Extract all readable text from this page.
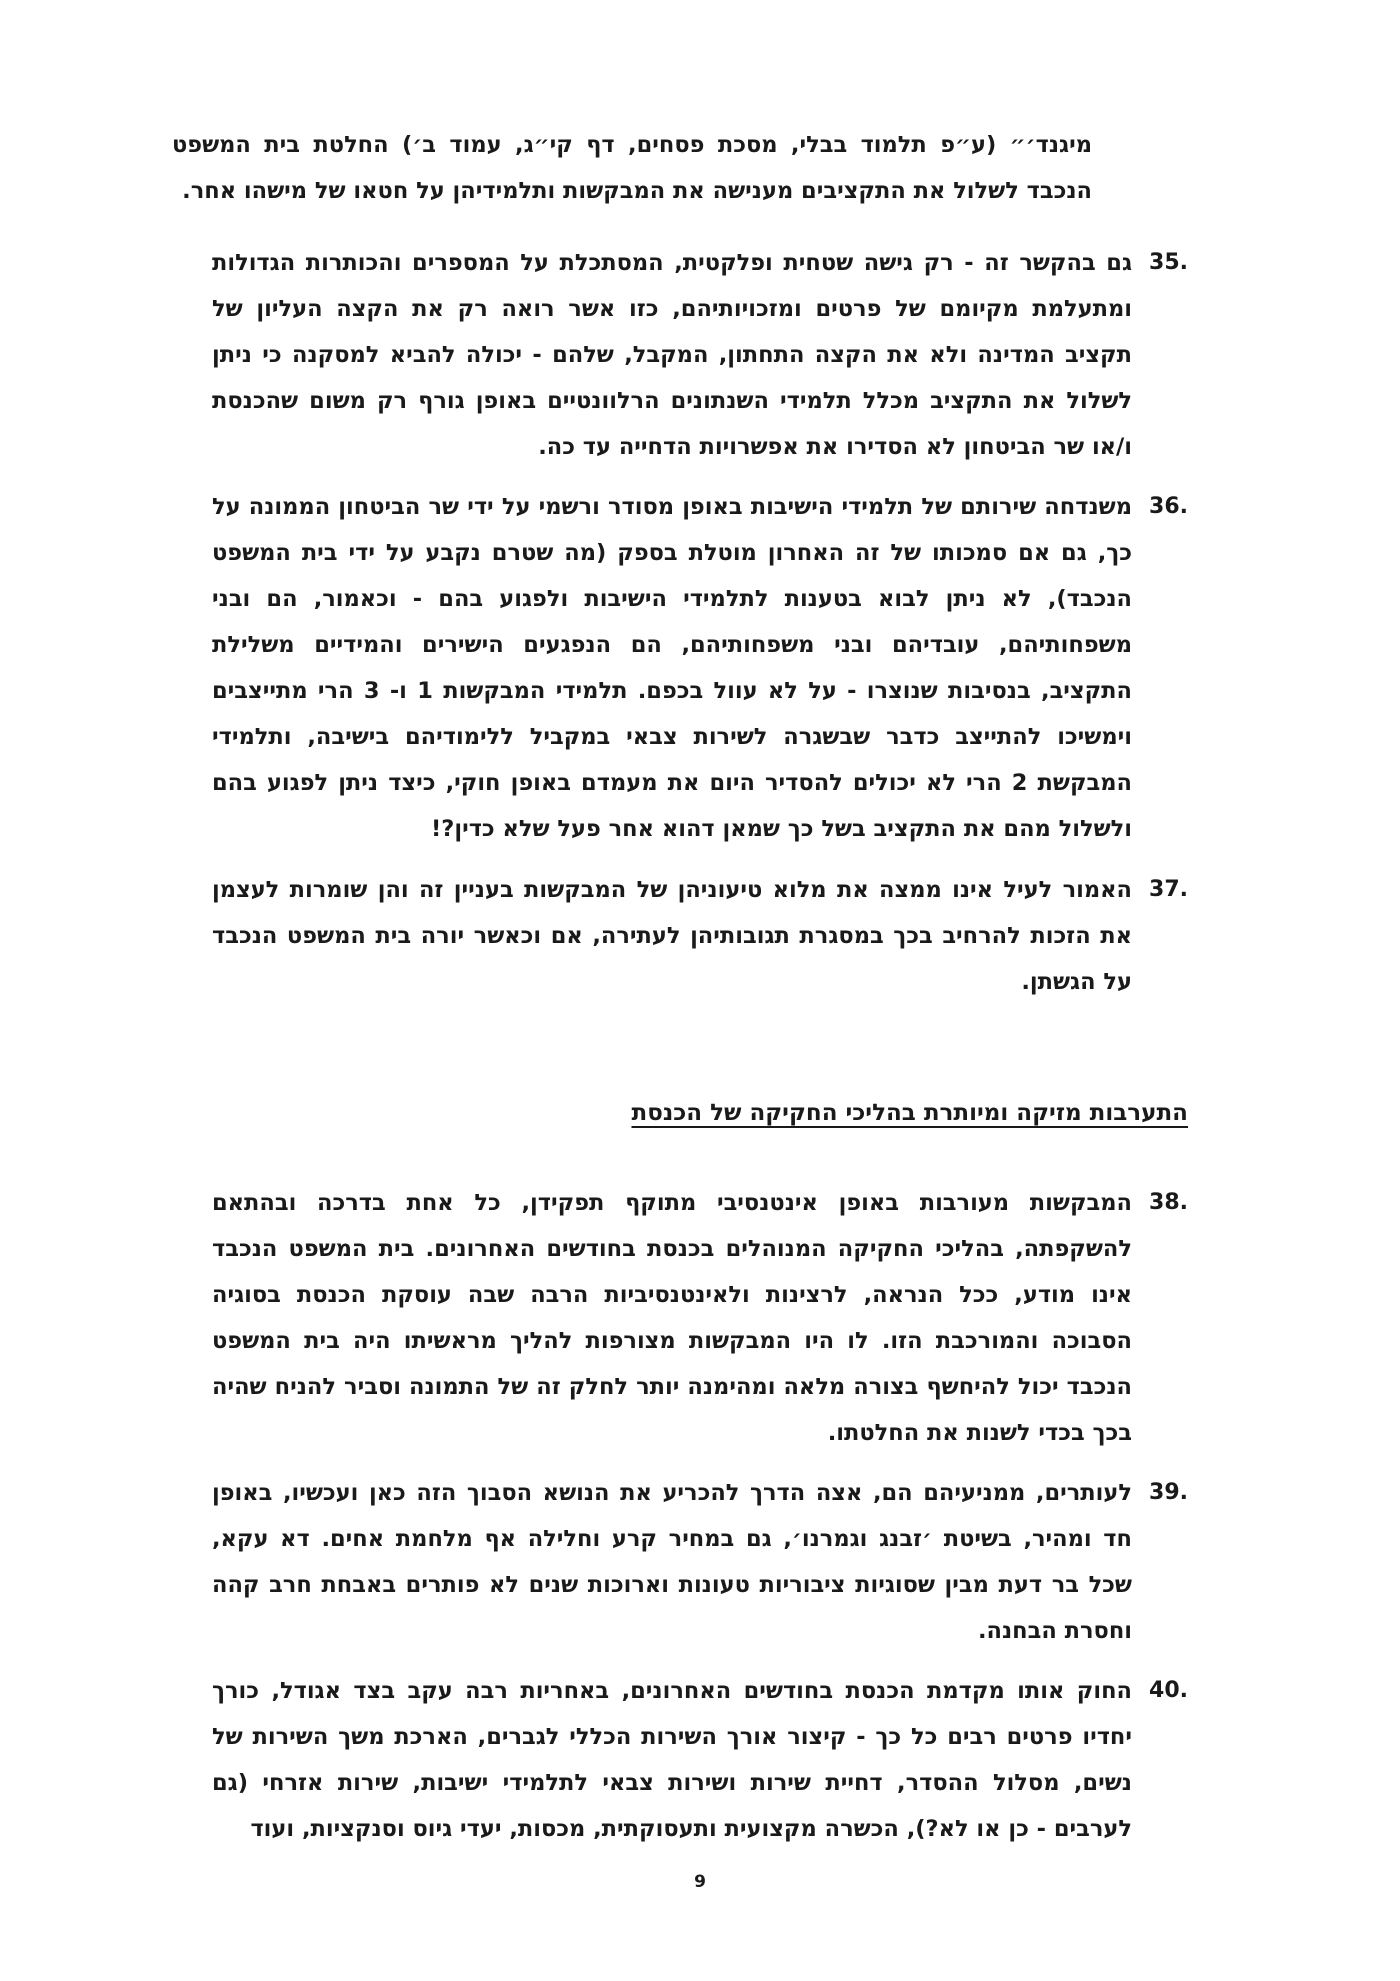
מיגנד׳״ (ע״פ תלמוד בבלי, מסכת פסחים, דף קי״ג, עמוד ב׳) החלטת בית המשפט הנכבד לשלול את התקציבים מענישה את המבקשות ותלמידיהן על חטאו של מישהו אחר.
35.
גם בהקשר זה - רק גישה שטחית ופלקטית, המסתכלת על המספרים והכותרות הגדולות ומתעלמת מקיומם של פרטים ומזכויותיהם, כזו אשר רואה רק את הקצה העליון של תקציב המדינה ולא את הקצה התחתון, המקבל, שלהם - יכולה להביא למסקנה כי ניתן לשלול את התקציב מכלל תלמידי השנתונים הרלוונטיים באופן גורף רק משום שהכנסת ו/או שר הביטחון לא הסדירו את אפשרויות הדחייה עד כה.
36.
משנדחה שירותם של תלמידי הישיבות באופן מסודר ורשמי על ידי שר הביטחון הממונה על כך, גם אם סמכותו של זה האחרון מוטלת בספק (מה שטרם נקבע על ידי בית המשפט הנכבד), לא ניתן לבוא בטענות לתלמידי הישיבות ולפגוע בהם - וכאמור, הם ובני משפחותיהם, עובדיהם ובני משפחותיהם, הם הנפגעים הישירים והמידיים משלילת התקציב, בנסיבות שנוצרו - על לא עוול בכפם. תלמידי המבקשות 1 ו- 3 הרי מתייצבים וימשיכו להתייצב כדבר שבשגרה לשירות צבאי במקביל ללימודיהם בישיבה, ותלמידי המבקשת 2 הרי לא יכולים להסדיר היום את מעמדם באופן חוקי, כיצד ניתן לפגוע בהם ולשלול מהם את התקציב בשל כך שמאן דהוא אחר פעל שלא כדין?!
37.
האמור לעיל אינו ממצה את מלוא טיעוניהן של המבקשות בעניין זה והן שומרות לעצמן את הזכות להרחיב בכך במסגרת תגובותיהן לעתירה, אם וכאשר יורה בית המשפט הנכבד על הגשתן.
התערבות מזיקה ומיותרת בהליכי החקיקה של הכנסת
38.
המבקשות מעורבות באופן אינטנסיבי מתוקף תפקידן, כל אחת בדרכה ובהתאם להשקפתה, בהליכי החקיקה המנוהלים בכנסת בחודשים האחרונים. בית המשפט הנכבד אינו מודע, ככל הנראה, לרצינות ולאינטנסיביות הרבה שבה עוסקת הכנסת בסוגיה הסבוכה והמורכבת הזו. לו היו המבקשות מצורפות להליך מראשיתו היה בית המשפט הנכבד יכול להיחשף בצורה מלאה ומהימנה יותר לחלק זה של התמונה וסביר להניח שהיה בכך בכדי לשנות את החלטתו.
39.
לעותרים, ממניעיהם הם, אצה הדרך להכריע את הנושא הסבוך הזה כאן ועכשיו, באופן חד ומהיר, בשיטת ׳זבנג וגמרנו׳, גם במחיר קרע וחלילה אף מלחמת אחים. דא עקא, שכל בר דעת מבין שסוגיות ציבוריות טעונות וארוכות שנים לא פותרים באבחת חרב קהה וחסרת הבחנה.
40.
החוק אותו מקדמת הכנסת בחודשים האחרונים, באחריות רבה עקב בצד אגודל, כורך יחדיו פרטים רבים כל כך - קיצור אורך השירות הכללי לגברים, הארכת משך השירות של נשים, מסלול ההסדר, דחיית שירות ושירות צבאי לתלמידי ישיבות, שירות אזרחי (גם לערבים - כן או לא?), הכשרה מקצועית ותעסוקתית, מכסות, יעדי גיוס וסנקציות, ועוד
9
